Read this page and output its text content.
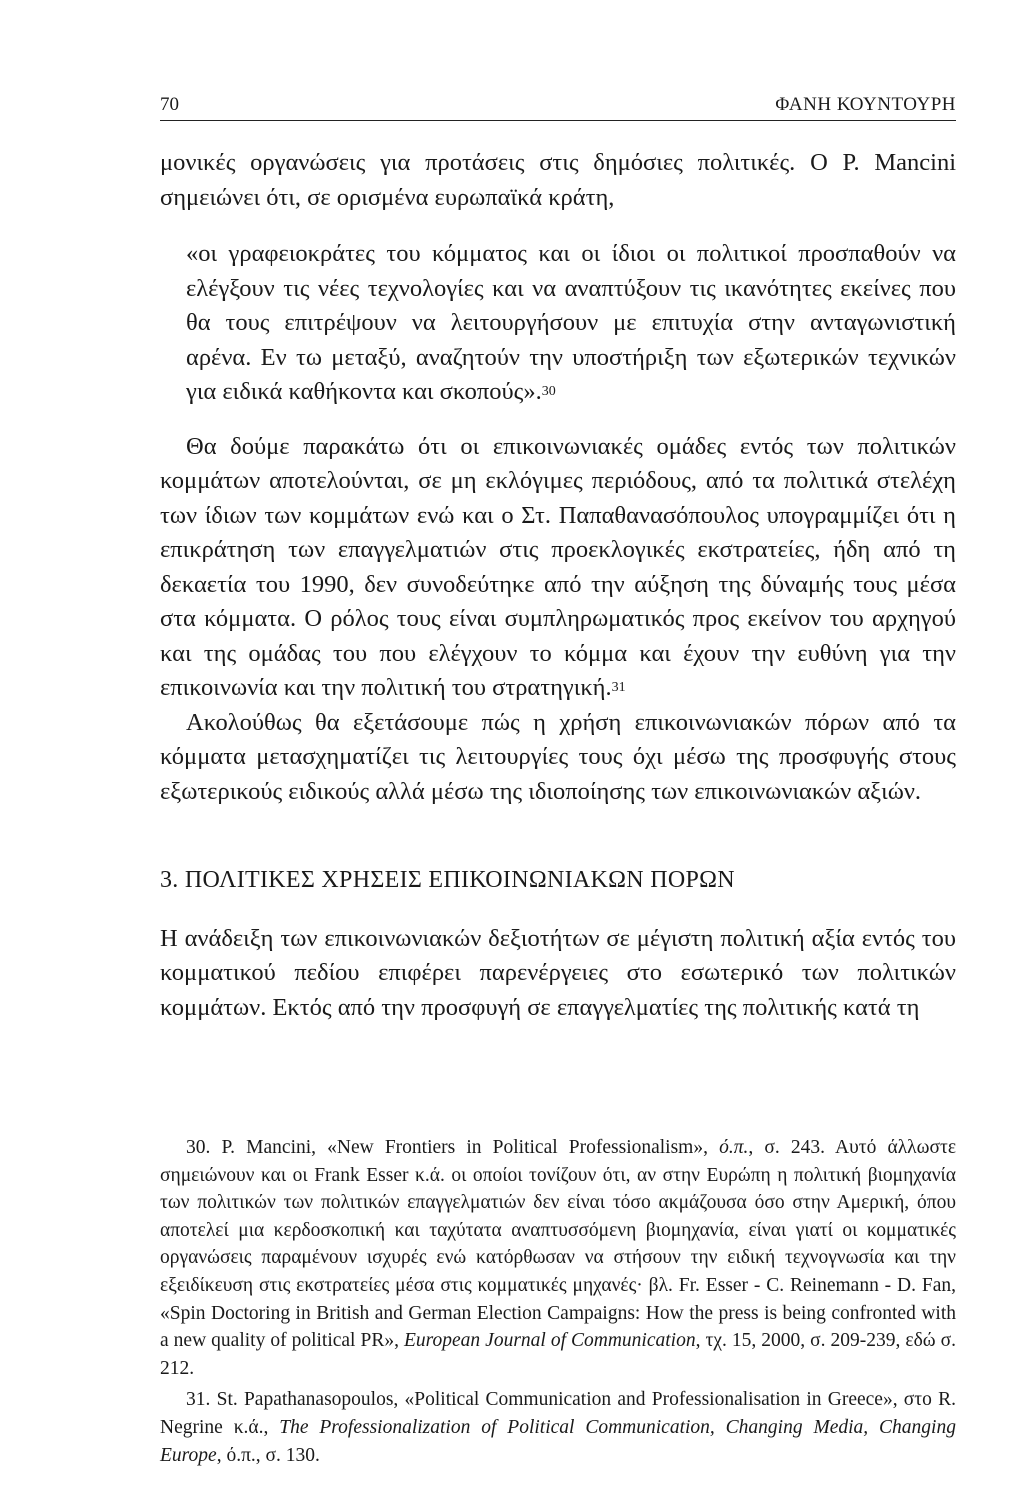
70	ΦΑΝΗ ΚΟΥΝΤΟΥΡΗ

μονικές οργανώσεις για προτάσεις στις δημόσιες πολιτικές. Ο P. Mancini σημειώνει ότι, σε ορισμένα ευρωπαϊκά κράτη,

«οι γραφειοκράτες του κόμματος και οι ίδιοι οι πολιτικοί προσπαθούν να ελέγξουν τις νέες τεχνολογίες και να αναπτύξουν τις ικανότητες εκείνες που θα τους επιτρέψουν να λειτουργήσουν με επιτυχία στην ανταγωνιστική αρένα. Εν τω μεταξύ, αναζητούν την υποστήριξη των εξωτερικών τεχνικών για ειδικά καθήκοντα και σκοπούς».$^{30}$

Θα δούμε παρακάτω ότι οι επικοινωνιακές ομάδες εντός των πολιτικών κομμάτων αποτελούνται, σε μη εκλόγιμες περιόδους, από τα πολιτικά στελέχη των ίδιων των κομμάτων ενώ και ο Στ. Παπαθανασόπουλος υπογραμμίζει ότι η επικράτηση των επαγγελματιών στις προεκλογικές εκστρατείες, ήδη από τη δεκαετία του 1990, δεν συνοδεύτηκε από την αύξηση της δύναμής τους μέσα στα κόμματα. Ο ρόλος τους είναι συμπληρωματικός προς εκείνον του αρχηγού και της ομάδας του που ελέγχουν το κόμμα και έχουν την ευθύνη για την επικοινωνία και την πολιτική του στρατηγική.$^{31}$

Ακολούθως θα εξετάσουμε πώς η χρήση επικοινωνιακών πόρων από τα κόμματα μετασχηματίζει τις λειτουργίες τους όχι μέσω της προσφυγής στους εξωτερικούς ειδικούς αλλά μέσω της ιδιοποίησης των επικοινωνιακών αξιών.

3. ΠΟΛΙΤΙΚΕΣ ΧΡΗΣΕΙΣ ΕΠΙΚΟΙΝΩΝΙΑΚΩΝ ΠΟΡΩΝ

Η ανάδειξη των επικοινωνιακών δεξιοτήτων σε μέγιστη πολιτική αξία εντός του κομματικού πεδίου επιφέρει παρενέργειες στο εσωτερικό των πολιτικών κομμάτων. Εκτός από την προσφυγή σε επαγγελματίες της πολιτικής κατά τη

30. P. Mancini, «New Frontiers in Political Professionalism», ό.π., σ. 243. Αυτό άλλωστε σημειώνουν και οι Frank Esser κ.ά. οι οποίοι τονίζουν ότι, αν στην Ευρώπη η πολιτική βιομηχανία των πολιτικών των πολιτικών επαγγελματιών δεν είναι τόσο ακμάζουσα όσο στην Αμερική, όπου αποτελεί μια κερδοσκοπική και ταχύτατα αναπτυσσόμενη βιομηχανία, είναι γιατί οι κομματικές οργανώσεις παραμένουν ισχυρές ενώ κατόρθωσαν να στήσουν την ειδική τεχνογνωσία και την εξειδίκευση στις εκστρατείες μέσα στις κομματικές μηχανές· βλ. Fr. Esser - C. Reinemann - D. Fan, «Spin Doctoring in British and German Election Campaigns: How the press is being confronted with a new quality of political PR», European Journal of Communication, τχ. 15, 2000, σ. 209-239, εδώ σ. 212.

31. St. Papathanasopoulos, «Political Communication and Professionalisation in Greece», στο R. Negrine κ.ά., The Professionalization of Political Communication, Changing Media, Changing Europe, ό.π., σ. 130.
